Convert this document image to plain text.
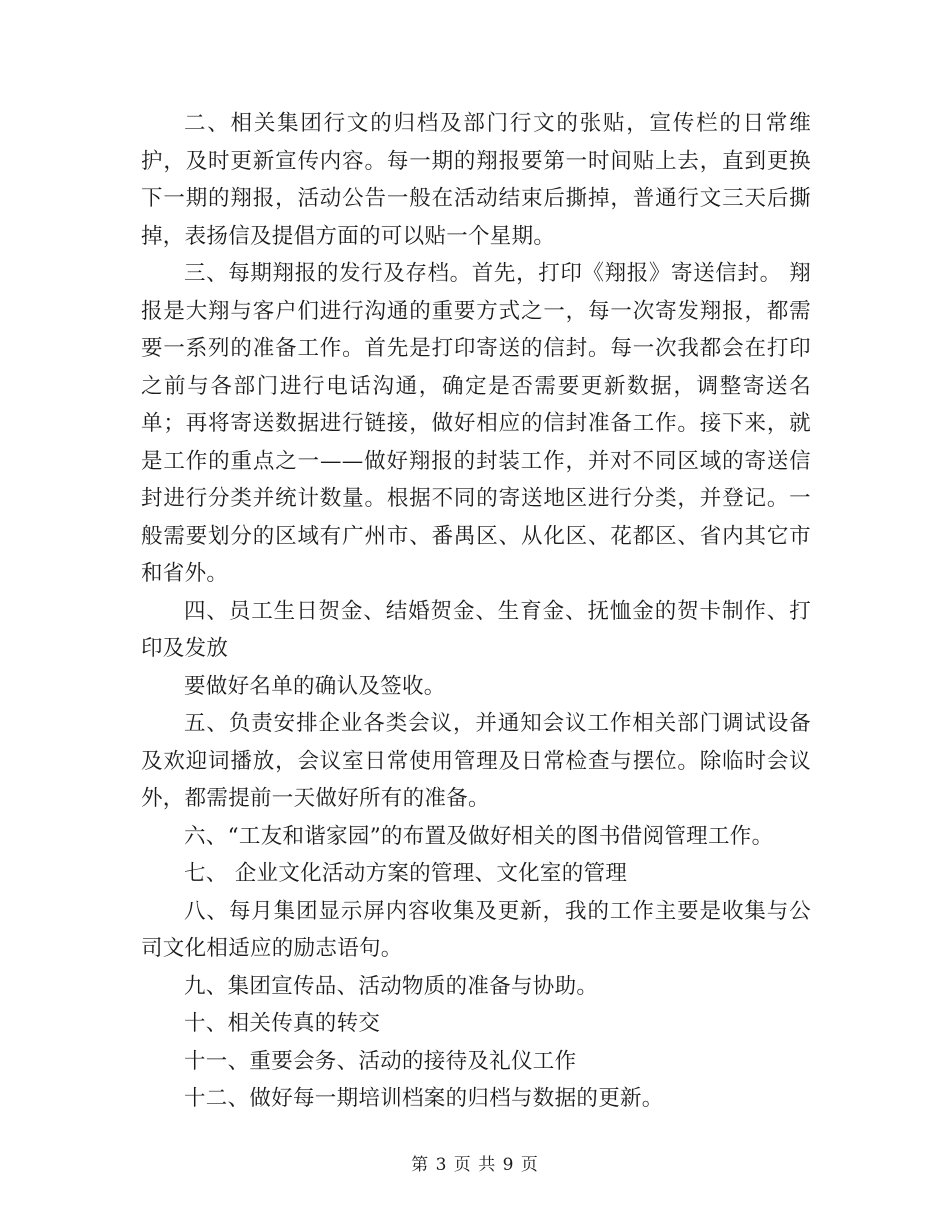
二、相关集团行文的归档及部门行文的张贴，宣传栏的日常维护，及时更新宣传内容。每一期的翔报要第一时间贴上去，直到更换下一期的翔报，活动公告一般在活动结束后撕掉，普通行文三天后撕掉，表扬信及提倡方面的可以贴一个星期。

三、每期翔报的发行及存档。首先，打印《翔报》寄送信封。 翔报是大翔与客户们进行沟通的重要方式之一，每一次寄发翔报，都需要一系列的准备工作。首先是打印寄送的信封。每一次我都会在打印之前与各部门进行电话沟通，确定是否需要更新数据，调整寄送名单；再将寄送数据进行链接，做好相应的信封准备工作。接下来，就是工作的重点之一——做好翔报的封装工作，并对不同区域的寄送信封进行分类并统计数量。根据不同的寄送地区进行分类，并登记。一般需要划分的区域有广州市、番禺区、从化区、花都区、省内其它市和省外。

四、员工生日贺金、结婚贺金、生育金、抚恤金的贺卡制作、打印及发放

要做好名单的确认及签收。

五、负责安排企业各类会议，并通知会议工作相关部门调试设备及欢迎词播放，会议室日常使用管理及日常检查与摆位。除临时会议外，都需提前一天做好所有的准备。

六、“工友和谐家园”的布置及做好相关的图书借阅管理工作。

七、 企业文化活动方案的管理、文化室的管理

八、每月集团显示屏内容收集及更新，我的工作主要是收集与公司文化相适应的励志语句。

九、集团宣传品、活动物质的准备与协助。

十、相关传真的转交

十一、重要会务、活动的接待及礼仪工作

十二、做好每一期培训档案的归档与数据的更新。

第 3 页 共 9 页
